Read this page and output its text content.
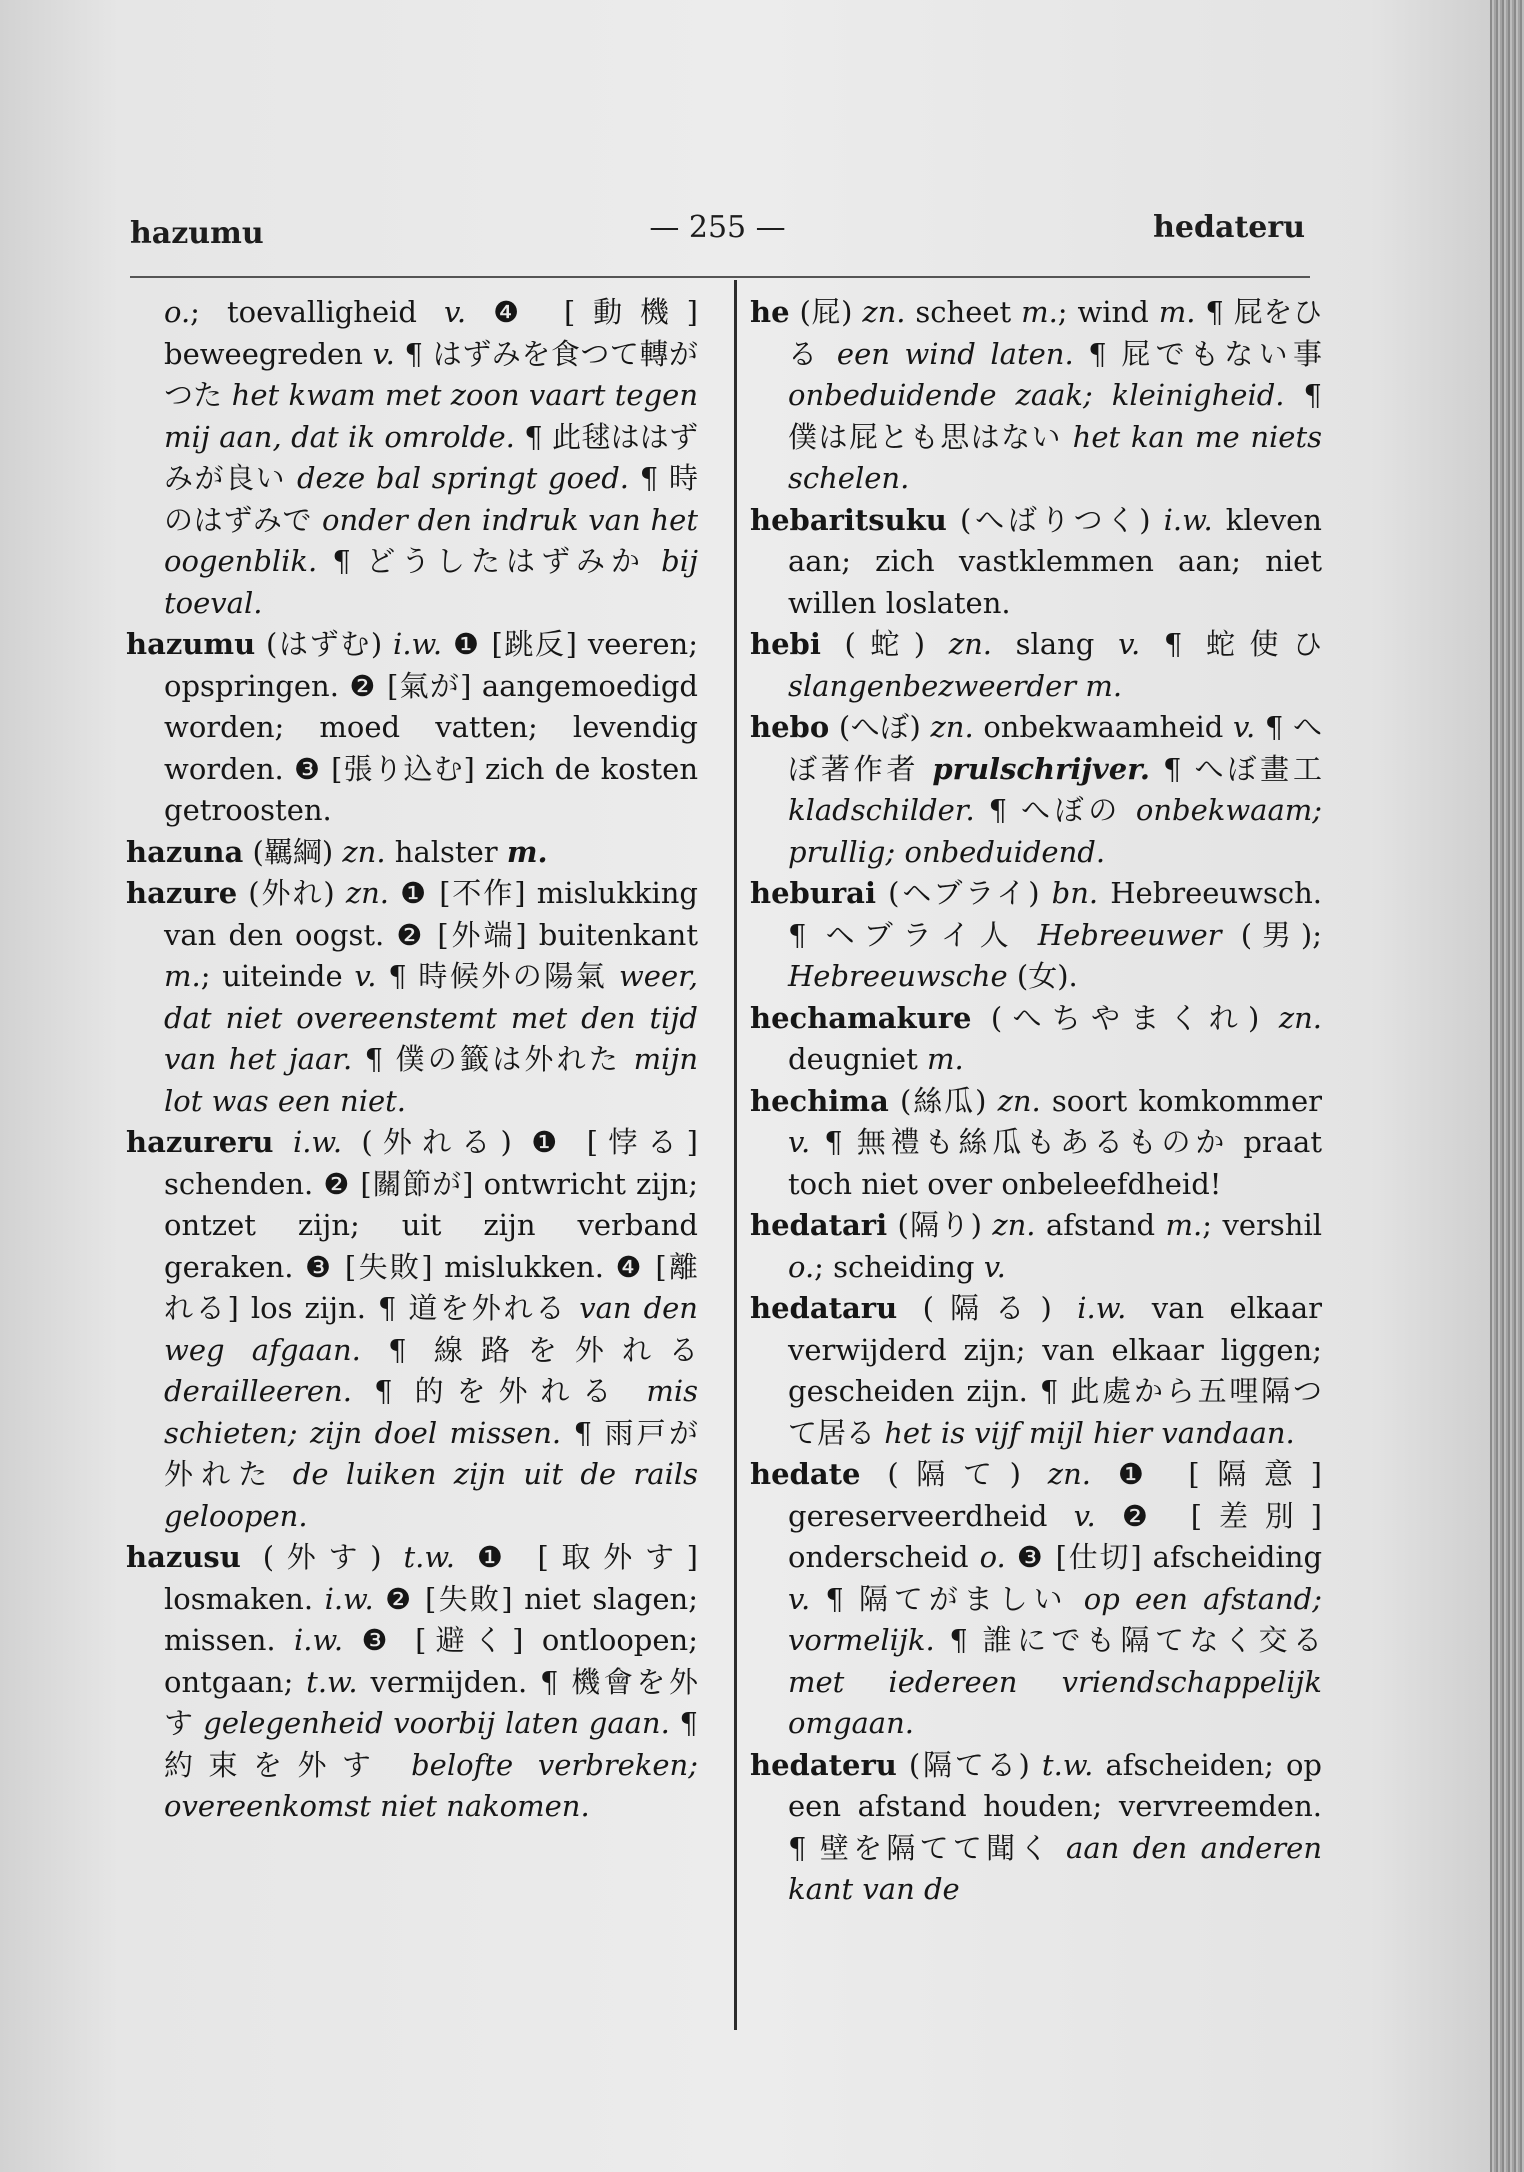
hazumu	— 255 —	hedateru

o.; toevalligheid v. ❹ [動機] beweegreden v. ¶ はずみを食つて轉がつた het kwam met zoon vaart tegen mij aan, dat ik omrolde. ¶ 此毬ははずみが良い deze bal springt goed. ¶ 時のはずみで onder den indruk van het oogenblik. ¶ どうしたはずみか bij toeval.

hazumu (はずむ) i.w. ❶ [跳反] veeren; opspringen. ❷ [氣が] aangemoedigd worden; moed vatten; levendig worden. ❸ [張り込む] zich de kosten getroosten.

hazuna (羈綱) zn. halster m.

hazure (外れ) zn. ❶ [不作] mislukking van den oogst. ❷ [外端] buitenkant m.; uiteinde v. ¶ 時候外の陽氣 weer, dat niet overeenstemt met den tijd van het jaar. ¶ 僕の籤は外れた mijn lot was een niet.

hazureru i.w. (外れる) ❶ [悖る] schenden. ❷ [關節が] ontwricht zijn; ontzet zijn; uit zijn verband geraken. ❸ [失敗] mislukken. ❹ [離れる] los zijn. ¶ 道を外れる van den weg afgaan. ¶ 線路を外れる derailleeren. ¶ 的を外れる mis schieten; zijn doel missen. ¶ 雨戸が外れた de luiken zijn uit de rails geloopen.

hazusu (外す) t.w. ❶ [取外す] losmaken. i.w. ❷ [失敗] niet slagen; missen. i.w. ❸ [避く] ontloopen; ontgaan; t.w. vermijden. ¶ 機會を外す gelegenheid voorbij laten gaan. ¶ 約束を外す belofte verbreken; overeenkomst niet nakomen.

he (屁) zn. scheet m.; wind m. ¶ 屁をひる een wind laten. ¶ 屁でもない事 onbeduidende zaak; kleinigheid. ¶ 僕は屁とも思はない het kan me niets schelen.

hebaritsuku (へばりつく) i.w. kleven aan; zich vastklemmen aan; niet willen loslaten.

hebi (蛇) zn. slang v. ¶ 蛇使ひ slangenbezweerder m.

hebo (へぼ) zn. onbekwaamheid v. ¶ へぼ著作者 prulschrijver. ¶ へぼ畫工 kladschilder. ¶ へぼの onbekwaam; prullig; onbeduidend.

heburai (ヘブライ) bn. Hebreeuwsch. ¶ ヘブライ人 Hebreeuwer (男); Hebreeuwsche (女).

hechamakure (へちやまくれ) zn. deugniet m.

hechima (絲瓜) zn. soort komkommer v. ¶ 無禮も絲瓜もあるものか praat toch niet over onbeleefdheid!

hedatari (隔り) zn. afstand m.; vershil o.; scheiding v.

hedataru (隔る) i.w. van elkaar verwijderd zijn; van elkaar liggen; gescheiden zijn. ¶ 此處から五哩隔つて居る het is vijf mijl hier vandaan.

hedate (隔て) zn. ❶ [隔意] gereserveerdheid v. ❷ [差別] onderscheid o. ❸ [仕切] afscheiding v. ¶ 隔てがましい op een afstand; vormelijk. ¶ 誰にでも隔てなく交る met iedereen vriendschappelijk omgaan.

hedateru (隔てる) t.w. afscheiden; op een afstand houden; vervreemden. ¶ 壁を隔てて聞く aan den anderen kant van de
